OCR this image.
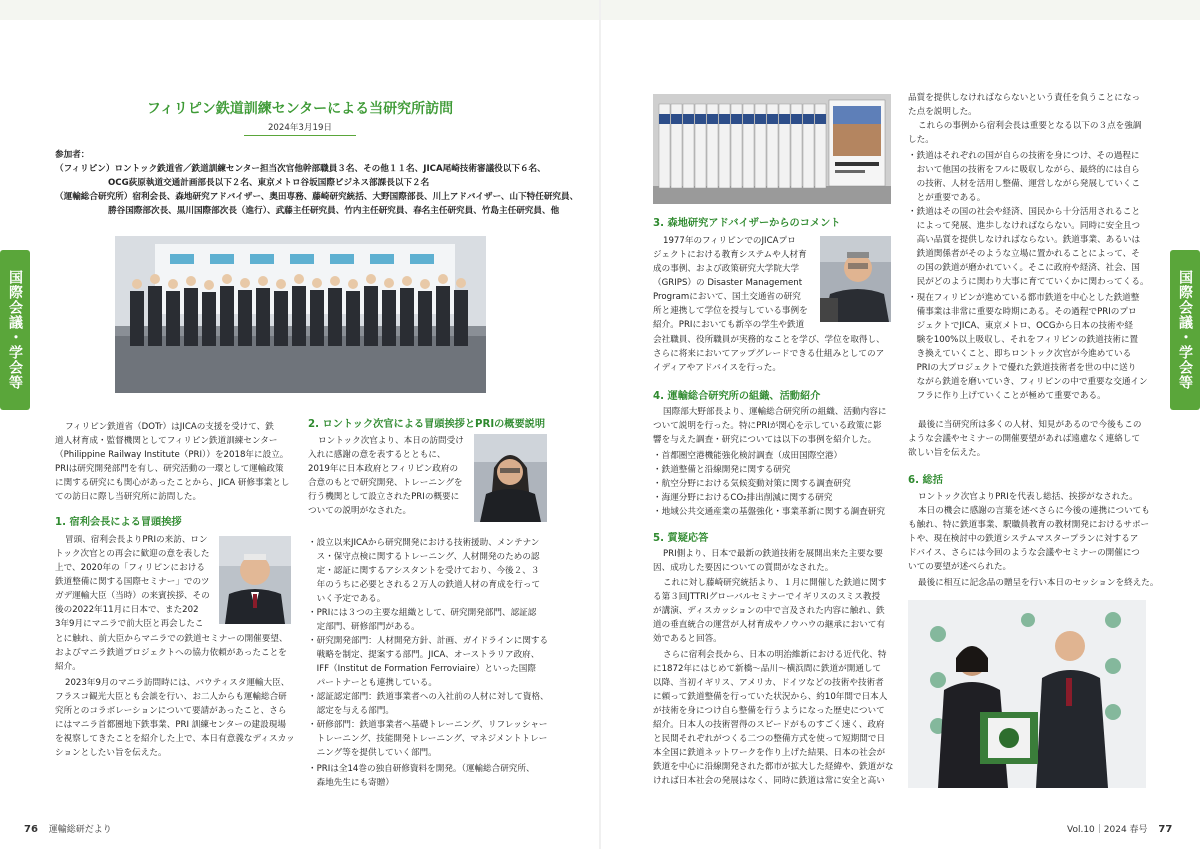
国際会議・学会等	国際会議・学会等
フィリピン鉄道訓練センターによる当研究所訪問
2024年3月19日
参加者：
（フィリピン）ロントック鉄道省／鉄道訓練センター担当次官他幹部職員３名、その他１１名、JICA尾崎技術審議役以下６名、
OCG荻原執道交通計画部長以下２名、東京メトロ谷坂国際ビジネス部課長以下２名
（運輸総合研究所）宿利会長、森地研究アドバイザー、奥田専務、藤崎研究統括、大野国際部長、川上アドバイザー、山下特任研究員、
勝谷国際部次長、黒川国際部次長（進行）、武藤主任研究員、竹内主任研究員、春名主任研究員、竹島主任研究員、他
フィリピン鉄道省（DOTr）はJICAの支援を受けて、鉄
道人材育成・監督機関としてフィリピン鉄道訓練センター
（Philippine Railway Institute（PRI））を2018年に設立。
PRIは研究開発部門を有し、研究活動の一環として運輸政策
に関する研究にも関心があったことから、JICA 研修事業とし
ての訪日に際し当研究所に訪問した。
1. 宿利会長による冒頭挨拶
冒頭、宿利会長よりPRIの来訪、ロン
トック次官との再会に歓迎の意を表した
上で、2020年の「フィリピンにおける
鉄道整備に関する国際セミナー」でのツ
ガデ運輸大臣（当時）の来賓挨拶、その
後の2022年11月に日本で、また202
3年9月にマニラで前大臣と再会したこ
とに触れ、前大臣からマニラでの鉄道セミナーの開催要望、
およびマニラ鉄道プロジェクトへの協力依頼があったことを
紹介。
2023年9月のマニラ訪問時には、バウティスタ運輸大臣、
フラスコ観光大臣とも会談を行い、お二人からも運輸総合研
究所とのコラボレーションについて要請があったこと、さら
にはマニラ首都圏地下鉄事業、PRI 訓練センターの建設現場
を視察してきたことを紹介した上で、本日有意義なディスカッ
ションとしたい旨を伝えた。
2. ロントック次官による冒頭挨拶とPRIの概要説明
ロントック次官より、本日の訪問受け
入れに感謝の意を表するとともに、
2019年に日本政府とフィリピン政府の
合意のもとで研究開発、トレーニングを
行う機関として設立されたPRIの概要に
ついての説明がなされた。
・設立以来JICAから研究開発における技術援助、メンテナン
　ス・保守点検に関するトレーニング、人材開発のための認
　定・認証に関するアシスタントを受けており、今後２、３
　年のうちに必要とされる２万人の鉄道人材の育成を行って
　いく予定である。
・PRIには３つの主要な組織として、研究開発部門、認証認
　定部門、研修部門がある。
・研究開発部門：人材開発方針、計画、ガイドラインに関する
　戦略を制定、提案する部門。JICA、オーストラリア政府、
　IFF（Institut de Formation Ferroviaire）といった国際
　パートナーとも連携している。
・認証認定部門：鉄道事業者への入社前の人材に対して資格、
　認定を与える部門。
・研修部門：鉄道事業者へ基礎トレーニング、リフレッシャー
　トレーニング、技能開発トレーニング、マネジメントトレー
　ニング等を提供していく部門。
・PRIは全14巻の独自研修資料を開発。（運輸総合研究所、
　森地先生にも寄贈）
3. 森地研究アドバイザーからのコメント
1977年のフィリピンでのJICAプロ
ジェクトにおける教育システムや人材育
成の事例、および政策研究大学院大学
（GRIPS）の Disaster Management
Programにおいて、国土交通省の研究
所と連携して学位を授与している事例を
紹介。PRIにおいても新卒の学生や鉄道
会社職員、役所職員が実務的なことを学び、学位を取得し、
さらに将来においてアップグレードできる仕組みとしてのア
イディアやアドバイスを行った。
4. 運輸総合研究所の組織、活動紹介
国際部大野部長より、運輸総合研究所の組織、活動内容に
ついて説明を行った。特にPRIが関心を示している政策に影
響を与えた調査・研究については以下の事例を紹介した。
・首都圏空港機能強化検討調査（成田国際空港）
・鉄道整備と沿線開発に関する研究
・航空分野における気候変動対策に関する調査研究
・海運分野におけるCO₂排出削減に関する研究
・地域公共交通産業の基盤強化・事業革新に関する調査研究
5. 質疑応答
PRI側より、日本で最新の鉄道技術を展開出来た主要な要
因、成功した要因についての質問がなされた。
これに対し藤崎研究統括より、１月に開催した鉄道に関す
る第３回JTTRIグローバルセミナーでイギリスのスミス教授
が講演、ディスカッションの中で言及された内容に触れ、鉄
道の垂直統合の運営が人材育成やノウハウの継承において有
効であると回答。
さらに宿利会長から、日本の明治維新における近代化、特
に1872年にはじめて新橋～品川～横浜間に鉄道が開通して
以降、当初イギリス、アメリカ、ドイツなどの技術や技術者
に頼って鉄道整備を行っていた状況から、約10年間で日本人
が技術を身につけ自ら整備を行うようになった歴史について
紹介。日本人の技術習得のスピードがものすごく速く、政府
と民間それぞれがつくる二つの整備方式を使って短期間で日
本全国に鉄道ネットワークを作り上げた結果、日本の社会が
鉄道を中心に沿線開発された都市が拡大した経緯や、鉄道がな
ければ日本社会の発展はなく、同時に鉄道は常に安全と高い
品質を提供しなければならないという責任を負うことになっ
た点を説明した。
これらの事例から宿利会長は重要となる以下の３点を強調
した。
・鉄道はそれぞれの国が自らの技術を身につけ、その過程に
　おいて他国の技術をフルに吸収しながら、最終的には自ら
　の技術、人材を活用し整備、運営しながら発展していくこ
　とが重要である。
・鉄道はその国の社会や経済、国民から十分活用されること
　によって発展、進歩しなければならない。同時に安全且つ
　高い品質を提供しなければならない。鉄道事業、あるいは
　鉄道関係者がそのような立場に置かれることによって、そ
　の国の鉄道が磨かれていく。そこに政府や経済、社会、国
　民がどのように関わり大事に育てていくかに関わってくる。
・現在フィリピンが進めている都市鉄道を中心とした鉄道整
　備事業は非常に重要な時期にある。その過程でPRIのプロ
　ジェクトでJICA、東京メトロ、OCGから日本の技術や経
　験を100%以上吸収し、それをフィリピンの鉄道技術に置
　き換えていくこと、即ちロントック次官が今進めている
　PRIの大プロジェクトで優れた鉄道技術者を世の中に送り
　ながら鉄道を磨いていき、フィリピンの中で重要な交通イン
　フラに作り上げていくことが極めて重要である。
最後に当研究所は多くの人材、知見があるので今後もこの
ような会議やセミナーの開催要望があれば遠慮なく連絡して
欲しい旨を伝えた。
6. 総括
ロントック次官よりPRIを代表し総括、挨拶がなされた。
本日の機会に感謝の言葉を述べさらに今後の連携についても
も触れ、特に鉄道事業、駅職員教育の教材開発におけるサポー
トや、現在検討中の鉄道システムマスタープランに対するア
ドバイス、さらには今回のような会議やセミナーの開催につ
いての要望が述べられた。
最後に相互に記念品の贈呈を行い本日のセッションを終えた。
76 運輸総研だより	Vol.10｜2024 春号 77
